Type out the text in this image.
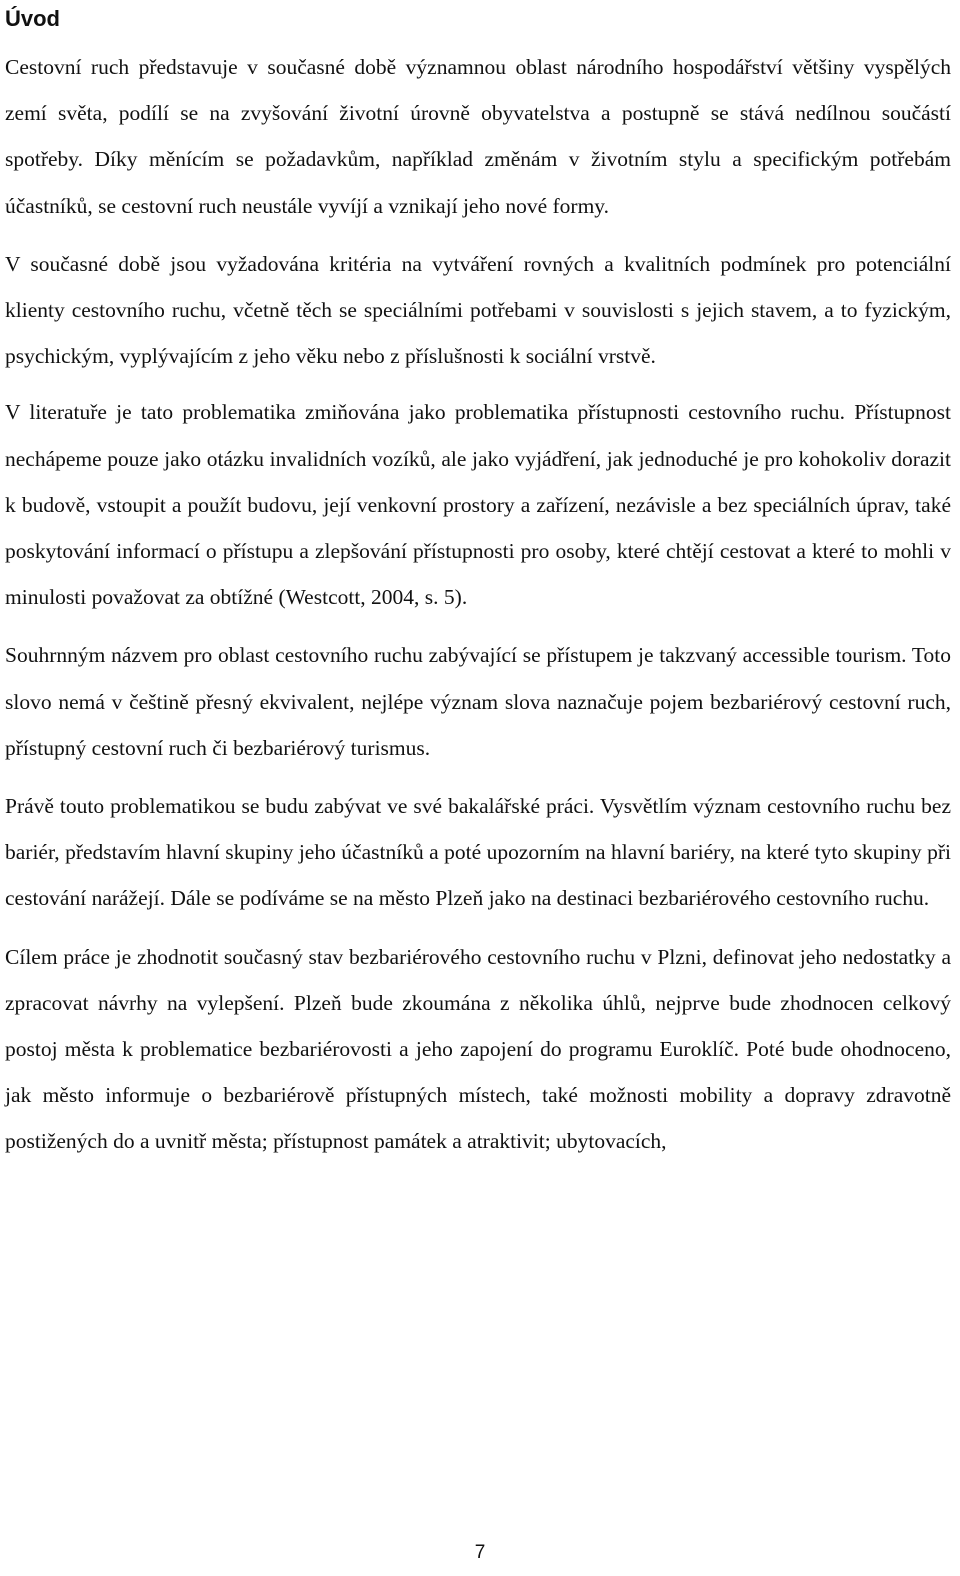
Úvod

Cestovní ruch představuje v současné době významnou oblast národního hospodářství většiny vyspělých zemí světa, podílí se na zvyšování životní úrovně obyvatelstva a postupně se stává nedílnou součástí spotřeby. Díky měnícím se požadavkům, například změnám v životním stylu a specifickým potřebám účastníků, se cestovní ruch neustále vyvíjí a vznikají jeho nové formy.

V současné době jsou vyžadována kritéria na vytváření rovných a kvalitních podmínek pro potenciální klienty cestovního ruchu, včetně těch se speciálními potřebami v souvislosti s jejich stavem, a to fyzickým, psychickým, vyplývajícím z jeho věku nebo z příslušnosti k sociální vrstvě.

V literatuře je tato problematika zmiňována jako problematika přístupnosti cestovního ruchu. Přístupnost nechápeme pouze jako otázku invalidních vozíků, ale jako vyjádření, jak jednoduché je pro kohokoliv dorazit k budově, vstoupit a použít budovu, její venkovní prostory a zařízení, nezávisle a bez speciálních úprav, také poskytování informací o přístupu a zlepšování přístupnosti pro osoby, které chtějí cestovat a které to mohli v minulosti považovat za obtížné (Westcott, 2004, s. 5).

Souhrnným názvem pro oblast cestovního ruchu zabývající se přístupem je takzvaný accessible tourism. Toto slovo nemá v češtině přesný ekvivalent, nejlépe význam slova naznačuje pojem bezbariérový cestovní ruch, přístupný cestovní ruch či bezbariérový turismus.

Právě touto problematikou se budu zabývat ve své bakalářské práci. Vysvětlím význam cestovního ruchu bez bariér, představím hlavní skupiny jeho účastníků a poté upozorním na hlavní bariéry, na které tyto skupiny při cestování narážejí. Dále se podíváme se na město Plzeň jako na destinaci bezbariérového cestovního ruchu.

Cílem práce je zhodnotit současný stav bezbariérového cestovního ruchu v Plzni, definovat jeho nedostatky a zpracovat návrhy na vylepšení. Plzeň bude zkoumána z několika úhlů, nejprve bude zhodnocen celkový postoj města k problematice bezbariérovosti a jeho zapojení do programu Euroklíč. Poté bude ohodnoceno, jak město informuje o bezbariérově přístupných místech, také možnosti mobility a dopravy zdravotně postižených do a uvnitř města; přístupnost památek a atraktivit; ubytovacích,

7
